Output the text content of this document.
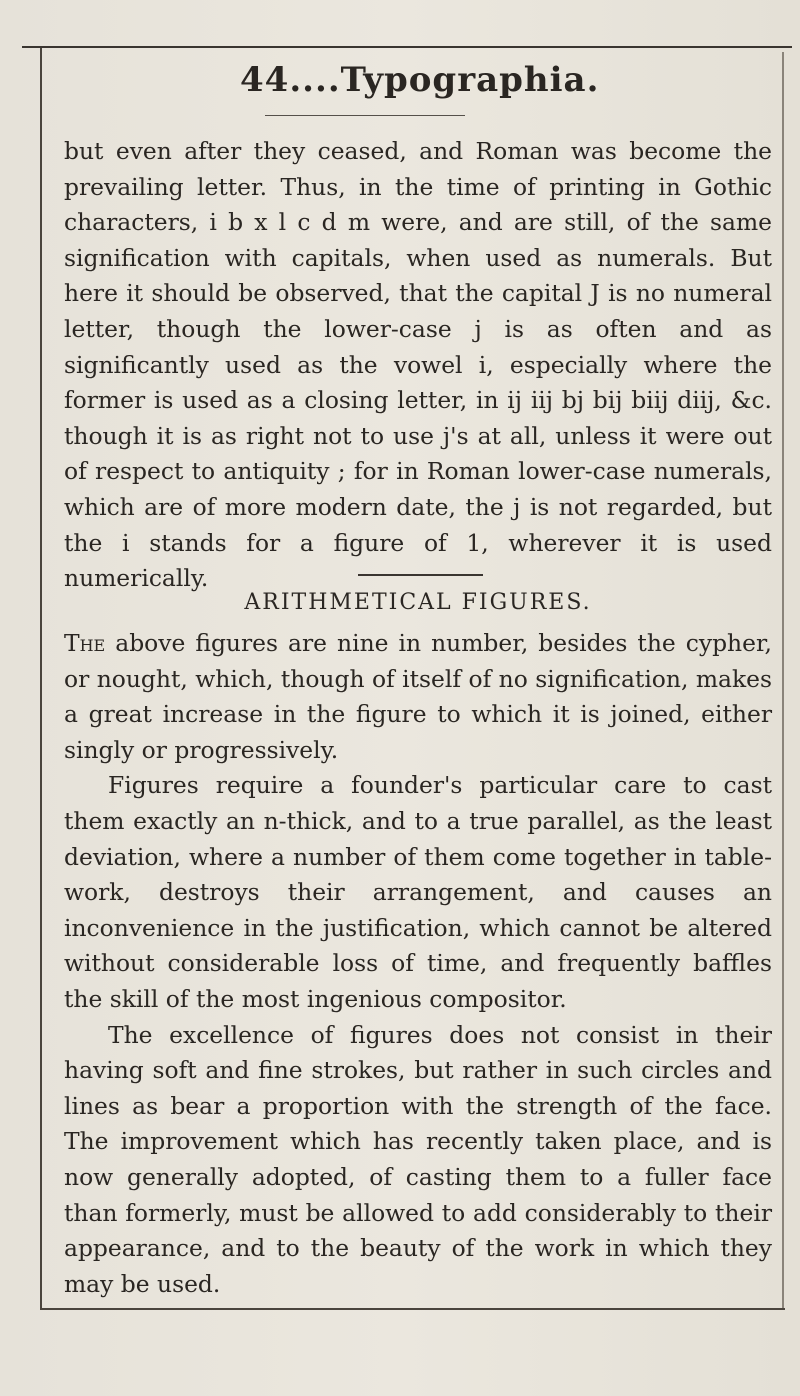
44....Typographia.

but even after they ceased, and Roman was become the prevailing letter. Thus, in the time of printing in Gothic characters, i b x l c d m were, and are still, of the same signification with capitals, when used as numerals. But here it should be observed, that the capital J is no numeral letter, though the lower-case j is as often and as significantly used as the vowel i, especially where the former is used as a closing letter, in ij iij bj bij biij diij, &c. though it is as right not to use j's at all, unless it were out of respect to antiquity ; for in Roman lower-case numerals, which are of more modern date, the j is not regarded, but the i stands for a figure of 1, wherever it is used numerically.

ARITHMETICAL FIGURES.

The above figures are nine in number, besides the cypher, or nought, which, though of itself of no signification, makes a great increase in the figure to which it is joined, either singly or progressively.

Figures require a founder's particular care to cast them exactly an n-thick, and to a true parallel, as the least deviation, where a number of them come together in table-work, destroys their arrangement, and causes an inconvenience in the justification, which cannot be altered without considerable loss of time, and frequently baffles the skill of the most ingenious compositor.

The excellence of figures does not consist in their having soft and fine strokes, but rather in such circles and lines as bear a proportion with the strength of the face. The improvement which has recently taken place, and is now generally adopted, of casting them to a fuller face than formerly, must be allowed to add considerably to their appearance, and to the beauty of the work in which they may be used.
